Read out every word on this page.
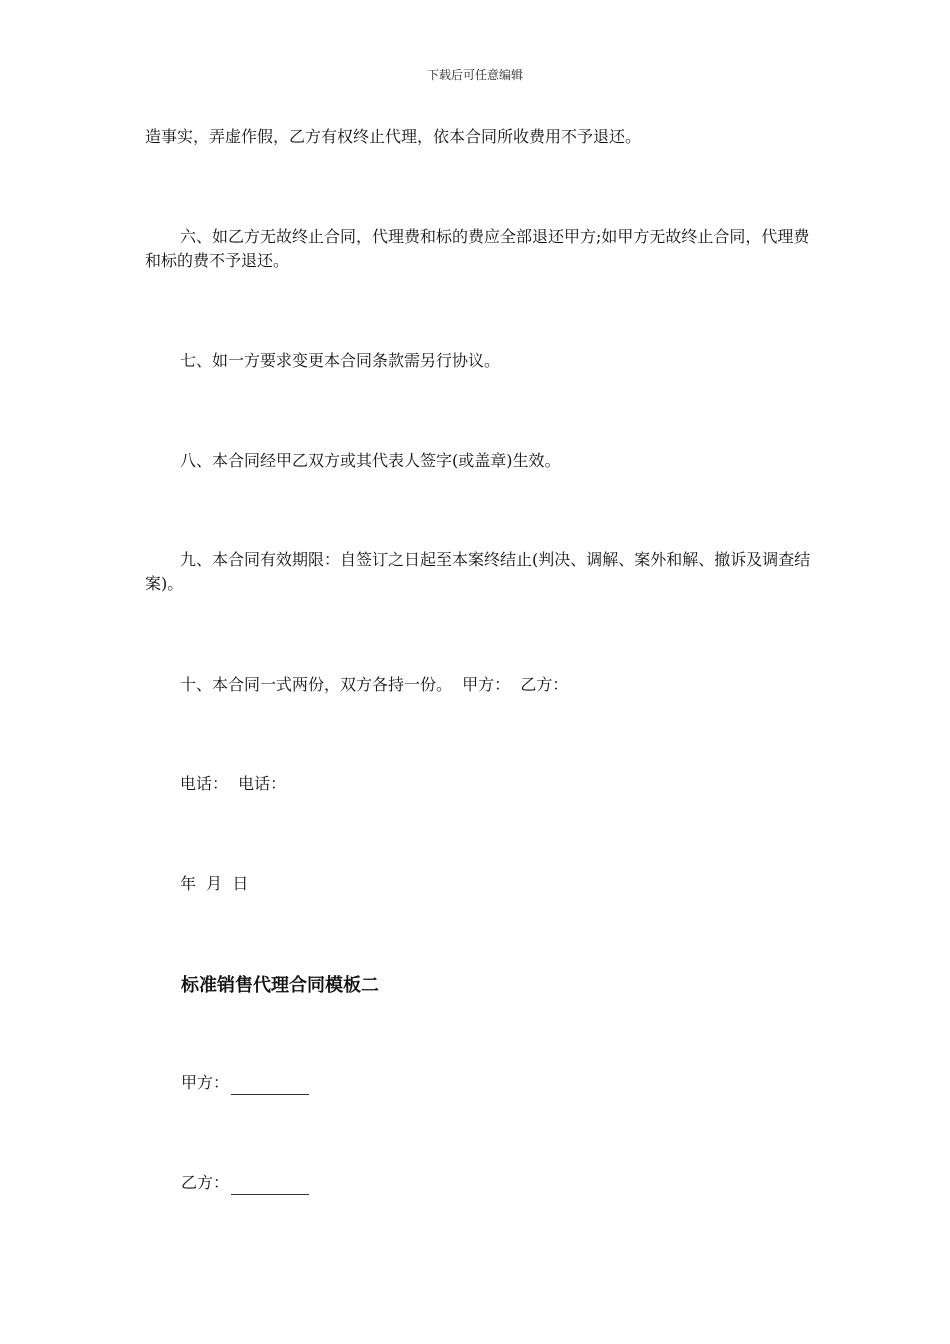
下载后可任意编辑

造事实，弄虚作假，乙方有权终止代理，依本合同所收费用不予退还。

六、如乙方无故终止合同，代理费和标的费应全部退还甲方;如甲方无故终止合同，代理费和标的费不予退还。

七、如一方要求变更本合同条款需另行协议。

八、本合同经甲乙双方或其代表人签字(或盖章)生效。

九、本合同有效期限：自签订之日起至本案终结止(判决、调解、案外和解、撤诉及调查结案)。

十、本合同一式两份，双方各持一份。  甲方：  乙方：

电话：  电话：

年  月  日

标准销售代理合同模板二
甲方：
乙方：
